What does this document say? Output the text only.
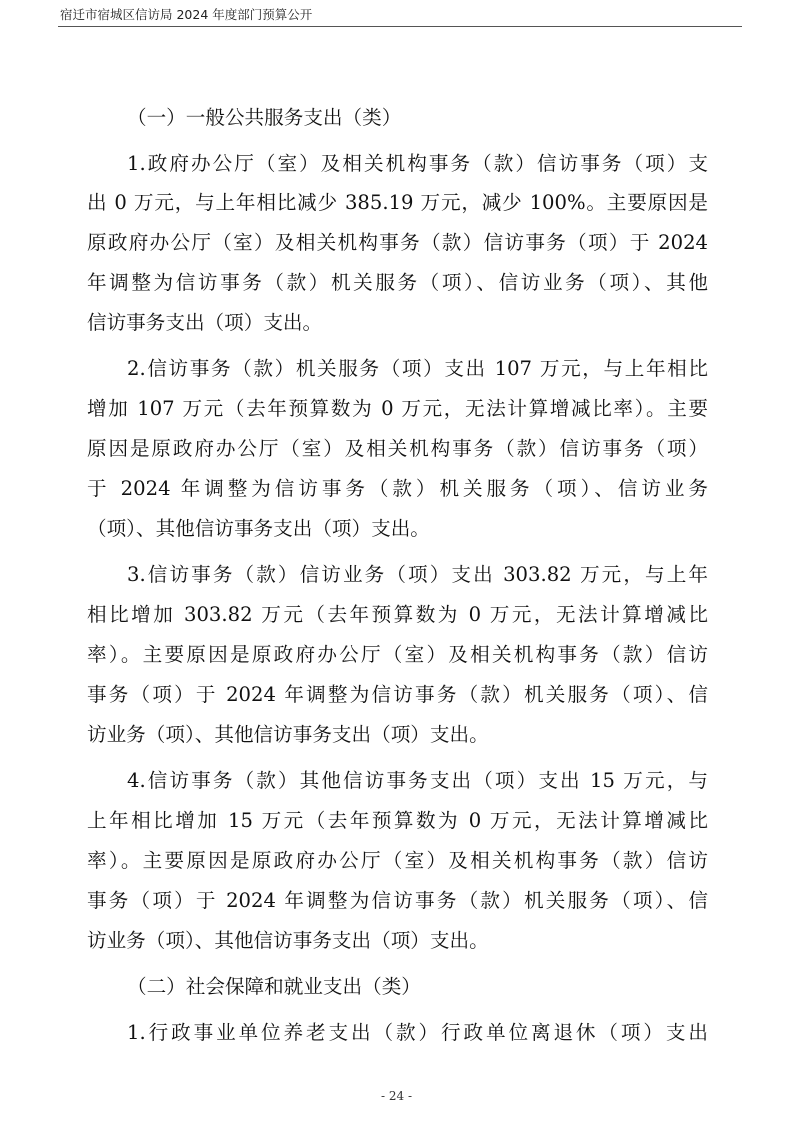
宿迁市宿城区信访局 2024 年度部门预算公开
（一）一般公共服务支出（类）
1.政府办公厅（室）及相关机构事务（款）信访事务（项）支
出 0 万元，与上年相比减少 385.19 万元，减少 100%。主要原因是
原政府办公厅（室）及相关机构事务（款）信访事务（项）于 2024
年调整为信访事务（款）机关服务（项）、信访业务（项）、其他
信访事务支出（项）支出。
2.信访事务（款）机关服务（项）支出 107 万元，与上年相比
增加 107 万元（去年预算数为 0 万元，无法计算增减比率）。主要
原因是原政府办公厅（室）及相关机构事务（款）信访事务（项）
于 2024 年调整为信访事务（款）机关服务（项）、信访业务
（项）、其他信访事务支出（项）支出。
3.信访事务（款）信访业务（项）支出 303.82 万元，与上年
相比增加 303.82 万元（去年预算数为 0 万元，无法计算增减比
率）。主要原因是原政府办公厅（室）及相关机构事务（款）信访
事务（项）于 2024 年调整为信访事务（款）机关服务（项）、信
访业务（项）、其他信访事务支出（项）支出。
4.信访事务（款）其他信访事务支出（项）支出 15 万元，与
上年相比增加 15 万元（去年预算数为 0 万元，无法计算增减比
率）。主要原因是原政府办公厅（室）及相关机构事务（款）信访
事务（项）于 2024 年调整为信访事务（款）机关服务（项）、信
访业务（项）、其他信访事务支出（项）支出。
（二）社会保障和就业支出（类）
1.行政事业单位养老支出（款）行政单位离退休（项）支出
- 24 -
